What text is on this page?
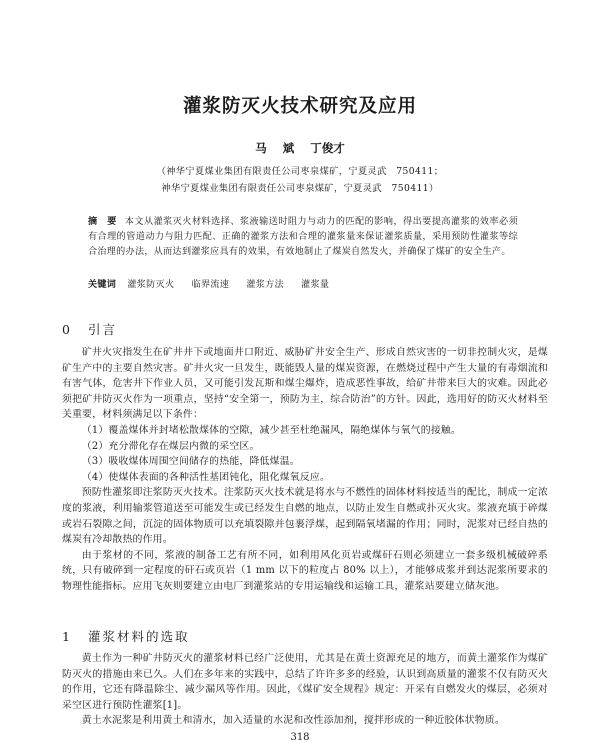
灌浆防灭火技术研究及应用
马 斌 丁俊才
（神华宁夏煤业集团有限责任公司枣泉煤矿，宁夏灵武　750411；
神华宁夏煤业集团有限责任公司枣泉煤矿，宁夏灵武　750411）
摘　要 本文从灌浆灭火材料选择、浆液输送时阻力与动力的匹配的影响，得出要提高灌浆的效率必须有合理的管道动力与阻力匹配、正确的灌浆方法和合理的灌浆量来保证灌浆质量，采用预防性灌浆等综合治理的办法，从而达到灌浆应具有的效果，有效地制止了煤炭自然发火，并确保了煤矿的安全生产。
关键词 灌浆防灭火 临界流速 灌浆方法 灌浆量
0 引言

矿井火灾指发生在矿井井下或地面井口附近、威胁矿井安全生产、形成自然灾害的一切非控制火灾，是煤矿生产中的主要自然灾害。矿井火灾一旦发生，既能毁人量的煤炭资源，在燃烧过程中产生大量的有毒烟流和有害气体，危害井下作业人员，又可能引发瓦斯和煤尘爆炸，造成恶性事故，给矿井带来巨大的灾难。因此必须把矿井防灭火作为一项重点，坚持“安全第一，预防为主，综合防治”的方针。因此，选用好的防灭火材料至关重要，材料须满足以下条件：

（1）覆盖煤体并封堵松散煤体的空隙，减少甚至杜绝漏风，隔绝煤体与氧气的接触。

（2）充分滞化存在煤层内微的采空区。

（3）吸收煤体周围空间储存的热能，降低煤温。

（4）使煤体表面的各种活性基团钝化，阻化煤氧反应。

预防性灌浆即注浆防灭火技术。注浆防灭火技术就是将水与不燃性的固体材料按适当的配比，制成一定浓度的浆液，利用输浆管道送至可能发生或已经发生自燃的地点，以防止发生自燃或扑灭火灾。浆液充填于碎煤或岩石裂隙之间，沉淀的固体物质可以充填裂隙并包裹浮煤，起到隔氧堵漏的作用；同时，泥浆对已经自热的煤炭有冷却散热的作用。

由于浆材的不同，浆液的制备工艺有所不同，如利用风化页岩或煤矸石则必须建立一套多级机械破碎系统，只有破碎到一定程度的矸石或页岩（1 mm 以下的粒度占 80% 以上），才能够成浆并到达泥浆所要求的物理性能指标。应用飞灰则要建立由电厂到灌浆站的专用运输线和运输工具，灌浆站要建立储灰池。

1 灌浆材料的选取

黄土作为一种矿井防灭火的灌浆材料已经广泛使用，尤其是在黄土资源充足的地方，而黄土灌浆作为煤矿防灭火的措施由来已久。人们在多年来的实践中，总结了许许多多的经验，认识到高质量的灌浆不仅有防灭火的作用，它还有降温除尘、减少漏风等作用。因此，《煤矿安全规程》规定：开采有自燃发火的煤层，必须对采空区进行预防性灌浆[1]。

黄土水泥浆是利用黄土和清水，加入适量的水泥和改性添加剂，搅拌形成的一种近胶体状物质。

318
